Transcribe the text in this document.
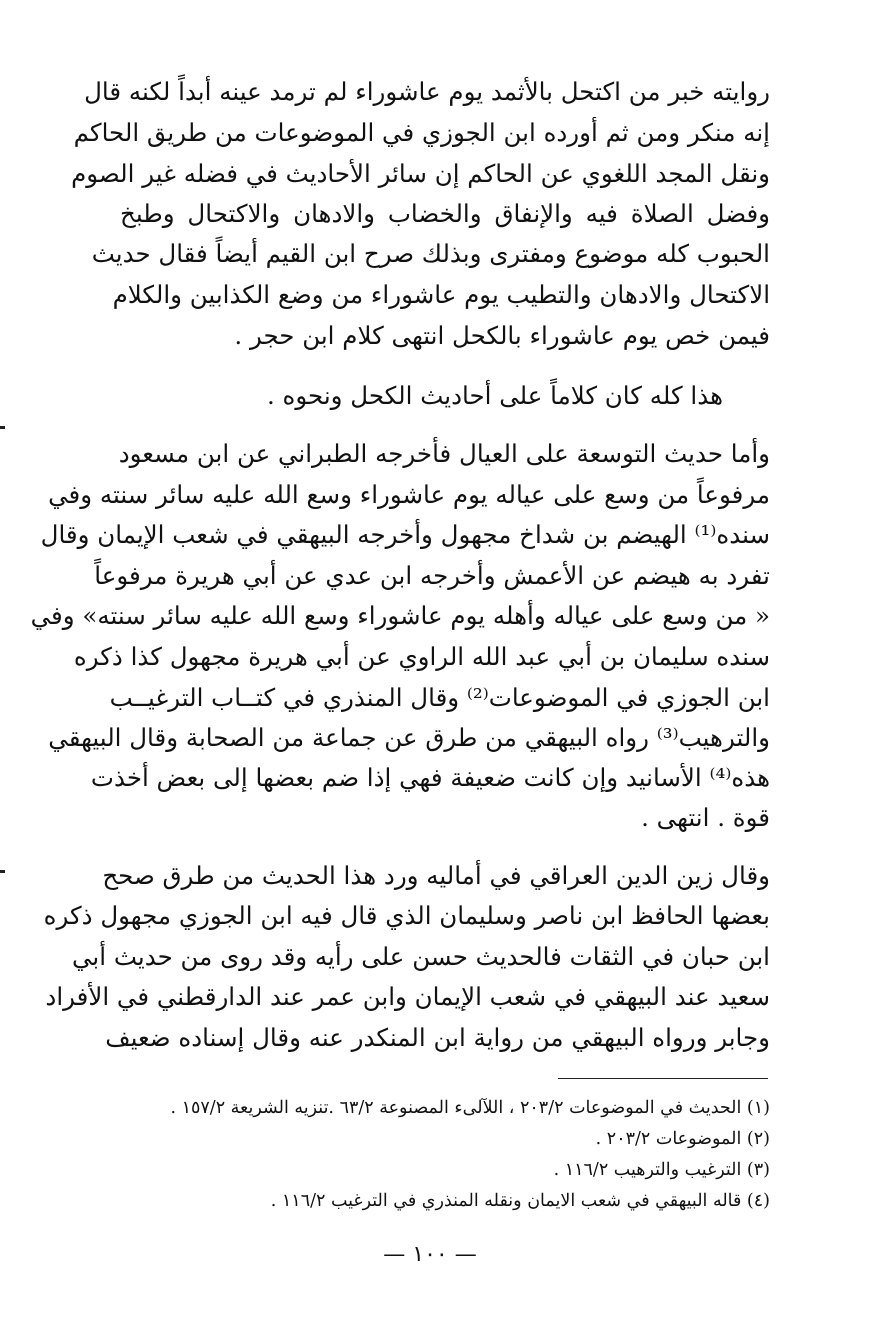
روايته خبر من اكتحل بالأثمد يوم عاشوراء لم ترمد عينه أبداً لكنه قال
إنه منكر ومن ثم أورده ابن الجوزي في الموضوعات من طريق الحاكم
ونقل المجد اللغوي عن الحاكم إن سائر الأحاديث في فضله غير الصوم
وفضل الصلاة فيه والإنفاق والخضاب والادهان والاكتحال وطبخ
الحبوب كله موضوع ومفترى وبذلك صرح ابن القيم أيضاً فقال حديث
الاكتحال والادهان والتطيب يوم عاشوراء من وضع الكذابين والكلام
فيمن خص يوم عاشوراء بالكحل انتهى كلام ابن حجر .
هذا كله كان كلاماً على أحاديث الكحل ونحوه .
وأما حديث التوسعة على العيال فأخرجه الطبراني عن ابن مسعود
مرفوعاً من وسع على عياله يوم عاشوراء وسع الله عليه سائر سنته وفي
سنده⁽¹⁾ الهيضم بن شداخ مجهول وأخرجه البيهقي في شعب الإيمان وقال
تفرد به هيضم عن الأعمش وأخرجه ابن عدي عن أبي هريرة مرفوعاً
« من وسع على عياله وأهله يوم عاشوراء وسع الله عليه سائر سنته» وفي
سنده سليمان بن أبي عبد الله الراوي عن أبي هريرة مجهول كذا ذكره
ابن الجوزي في الموضوعات⁽²⁾ وقال المنذري في كتــاب الترغيــب
والترهيب⁽³⁾ رواه البيهقي من طرق عن جماعة من الصحابة وقال البيهقي
هذه⁽⁴⁾ الأسانيد وإن كانت ضعيفة فهي إذا ضم بعضها إلى بعض أخذت
قوة . انتهى .
وقال زين الدين العراقي في أماليه ورد هذا الحديث من طرق صحح
بعضها الحافظ ابن ناصر وسليمان الذي قال فيه ابن الجوزي مجهول ذكره
ابن حبان في الثقات فالحديث حسن على رأيه وقد روى من حديث أبي
سعيد عند البيهقي في شعب الإيمان وابن عمر عند الدارقطني في الأفراد
وجابر ورواه البيهقي من رواية ابن المنكدر عنه وقال إسناده ضعيف
(١) الحديث في الموضوعات ٢٠٣/٢ ، اللآلىء المصنوعة ٦٣/٢ .تنزيه الشريعة ١٥٧/٢ .
(٢) الموضوعات ٢٠٣/٢ .
(٣) الترغيب والترهيب ١١٦/٢ .
(٤) قاله البيهقي في شعب الايمان ونقله المنذري في الترغيب ١١٦/٢ .
— ١٠٠ —
